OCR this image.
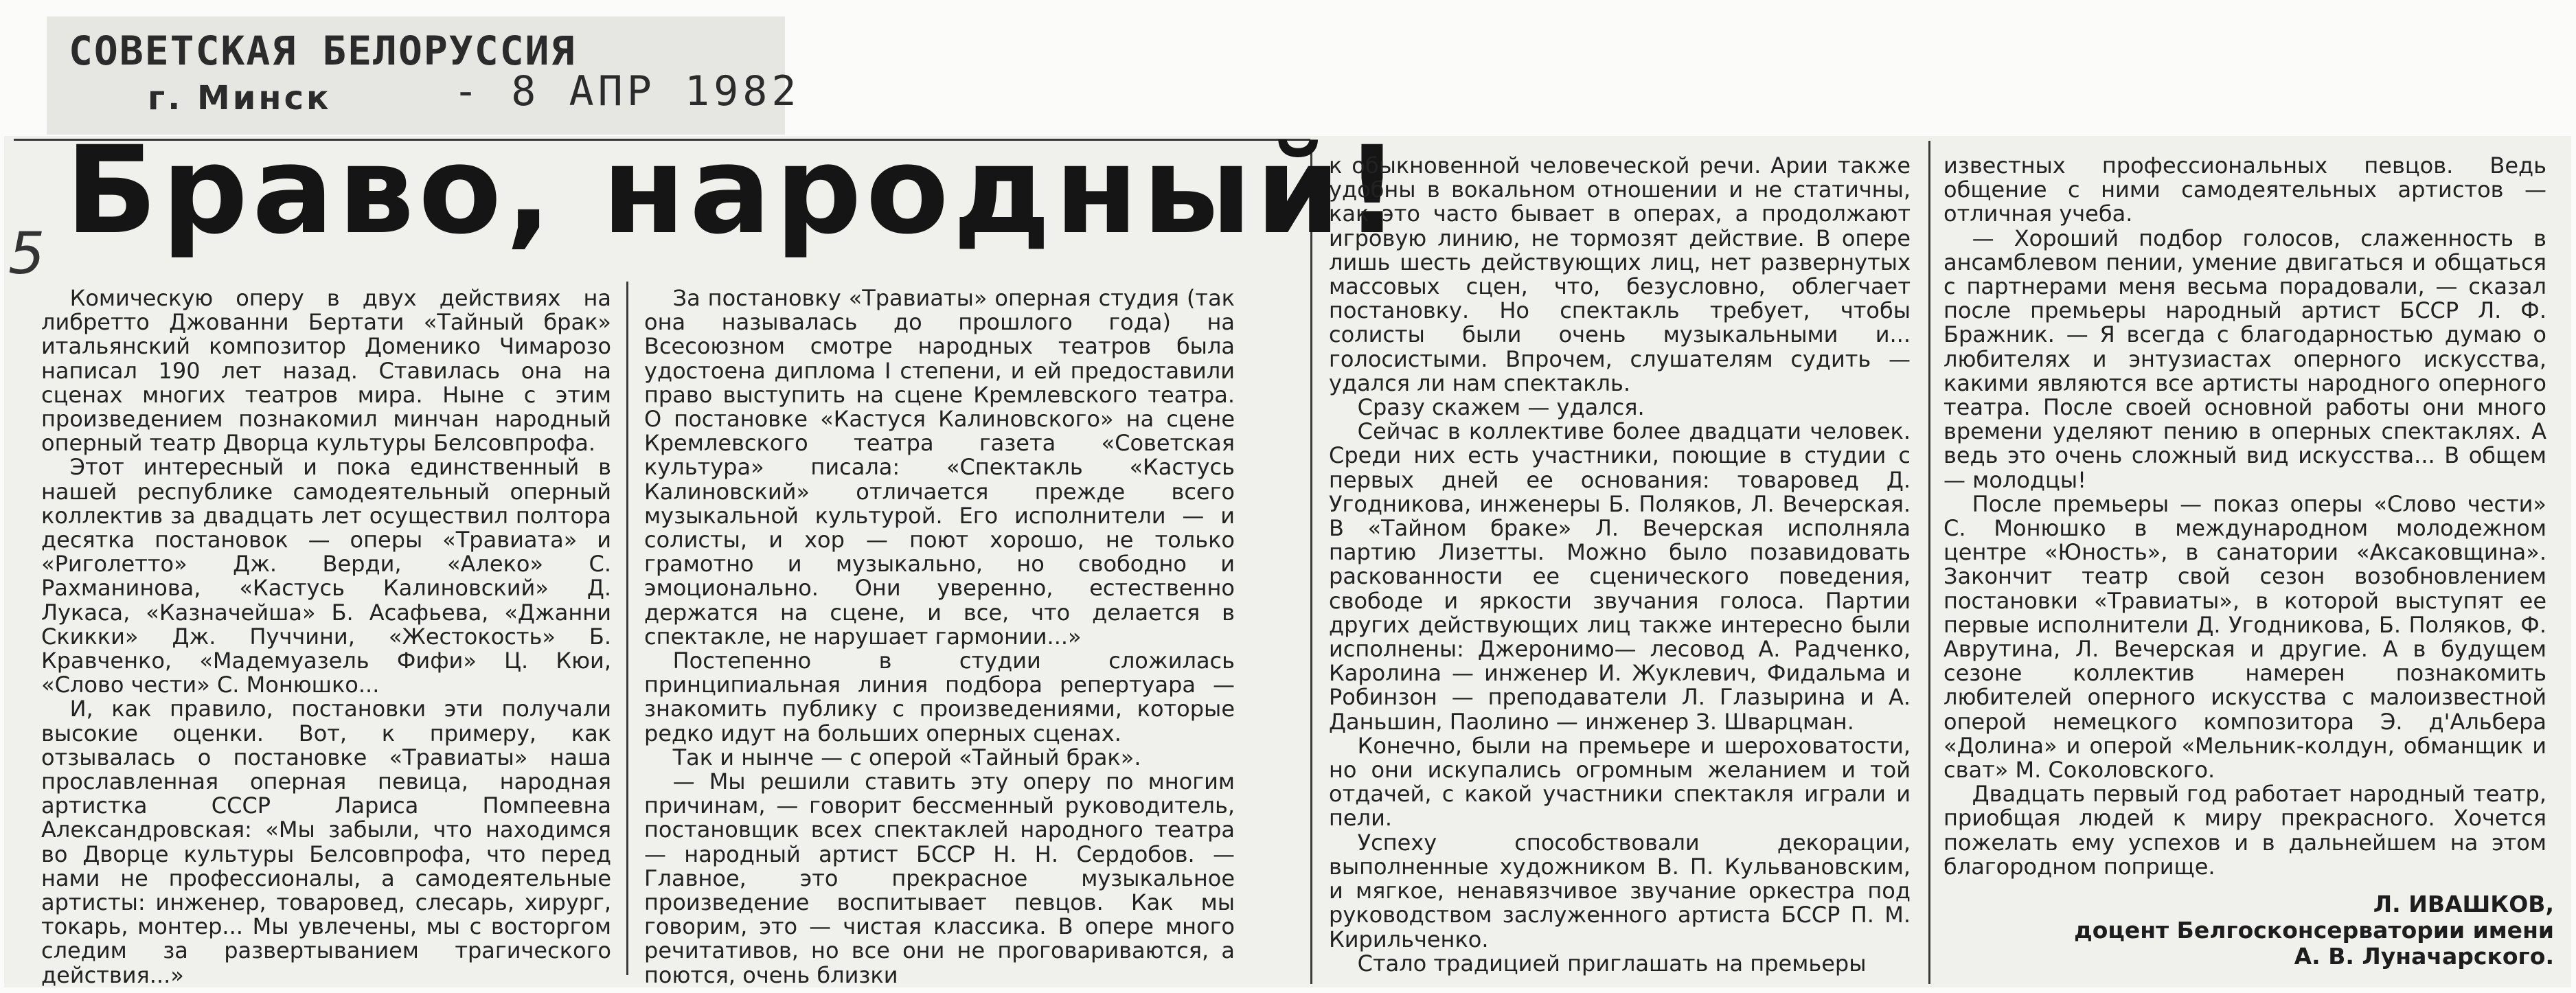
СОВЕТСКАЯ БЕЛОРУССИЯ
г. Минск	- 8 АПР 1982
5 Браво, народный!

Комическую оперу в двух действиях на либретто Джованни Бертати «Тайный брак» итальянский композитор Доменико Чимарозо написал 190 лет назад. Ставилась она на сценах многих театров мира. Ныне с этим произведением познакомил минчан народный оперный театр Дворца культуры Белсовпрофа.

Этот интересный и пока единственный в нашей республике самодеятельный оперный коллектив за двадцать лет осуществил полтора десятка постановок — оперы «Травиата» и «Риголетто» Дж. Верди, «Алеко» С. Рахманинова, «Кастусь Калиновский» Д. Лукаса, «Казначейша» Б. Асафьева, «Джанни Скикки» Дж. Пуччини, «Жестокость» Б. Кравченко, «Мадемуазель Фифи» Ц. Кюи, «Слово чести» С. Монюшко...

И, как правило, постановки эти получали высокие оценки. Вот, к примеру, как отзывалась о постановке «Травиаты» наша прославленная оперная певица, народная артистка СССР Лариса Помпеевна Александровская: «Мы забыли, что находимся во Дворце культуры Белсовпрофа, что перед нами не профессионалы, а самодеятельные артисты: инженер, товаровед, слесарь, хирург, токарь, монтер... Мы увлечены, мы с восторгом следим за развертыванием трагического действия...»

За постановку «Травиаты» оперная студия (так она называлась до прошлого года) на Всесоюзном смотре народных театров была удостоена диплома I степени, и ей предоставили право выступить на сцене Кремлевского театра. О постановке «Кастуся Калиновского» на сцене Кремлевского театра газета «Советская культура» писала: «Спектакль «Кастусь Калиновский» отличается прежде всего музыкальной культурой. Его исполнители — и солисты, и хор — поют хорошо, не только грамотно и музыкально, но свободно и эмоционально. Они уверенно, естественно держатся на сцене, и все, что делается в спектакле, не нарушает гармонии...»

Постепенно в студии сложилась принципиальная линия подбора репертуара — знакомить публику с произведениями, которые редко идут на больших оперных сценах.

Так и нынче — с оперой «Тайный брак».

— Мы решили ставить эту оперу по многим причинам, — говорит бессменный руководитель, постановщик всех спектаклей народного театра— народный артист БССР Н. Н. Сердобов. — Главное, это прекрасное музыкальное произведение воспитывает певцов. Как мы говорим, это — чистая классика. В опере много речитативов, но все они не проговариваются, а поются, очень близки

к обыкновенной человеческой речи. Арии также удобны в вокальном отношении и не статичны, как это часто бывает в операх, а продолжают игровую линию, не тормозят действие. В опере лишь шесть действующих лиц, нет развернутых массовых сцен, что, безусловно, облегчает постановку. Но спектакль требует, чтобы солисты были очень музыкальными и... голосистыми. Впрочем, слушателям судить — удался ли нам спектакль.

Сразу скажем — удался.

Сейчас в коллективе более двадцати человек. Среди них есть участники, поющие в студии с первых дней ее основания: товаровед Д. Угодникова, инженеры Б. Поляков, Л. Вечерская. В «Тайном браке» Л. Вечерская исполняла партию Лизетты. Можно было позавидовать раскованности ее сценического поведения, свободе и яркости звучания голоса. Партии других действующих лиц также интересно были исполнены: Джеронимо— лесовод А. Радченко, Каролина — инженер И. Жуклевич, Фидальма и Робинзон — преподаватели Л. Глазырина и А. Даньшин, Паолино — инженер З. Шварцман.

Конечно, были на премьере и шероховатости, но они искупались огромным желанием и той отдачей, с какой участники спектакля играли и пели.

Успеху способствовали декорации, выполненные художником В. П. Кульвановским, и мягкое, ненавязчивое звучание оркестра под руководством заслуженного артиста БССР П. М. Кирильченко.

Стало традицией приглашать на премьеры

известных профессиональных певцов. Ведь общение с ними самодеятельных артистов — отличная учеба.

— Хороший подбор голосов, слаженность в ансамблевом пении, умение двигаться и общаться с партнерами меня весьма порадовали, — сказал после премьеры народный артист БССР Л. Ф. Бражник. — Я всегда с благодарностью думаю о любителях и энтузиастах оперного искусства, какими являются все артисты народного оперного театра. После своей основной работы они много времени уделяют пению в оперных спектаклях. А ведь это очень сложный вид искусства... В общем — молодцы!

После премьеры — показ оперы «Слово чести» С. Монюшко в международном молодежном центре «Юность», в санатории «Аксаковщина». Закончит театр свой сезон возобновлением постановки «Травиаты», в которой выступят ее первые исполнители Д. Угодникова, Б. Поляков, Ф. Аврутина, Л. Вечерская и другие. А в будущем сезоне коллектив намерен познакомить любителей оперного искусства с малоизвестной оперой немецкого композитора Э. д'Альбера «Долина» и оперой «Мельник-колдун, обманщик и сват» М. Соколовского.

Двадцать первый год работает народный театр, приобщая людей к миру прекрасного. Хочется пожелать ему успехов и в дальнейшем на этом благородном поприще.

Л. ИВАШКОВ,
доцент Белгосконсерватории имени
А. В. Луначарского.
